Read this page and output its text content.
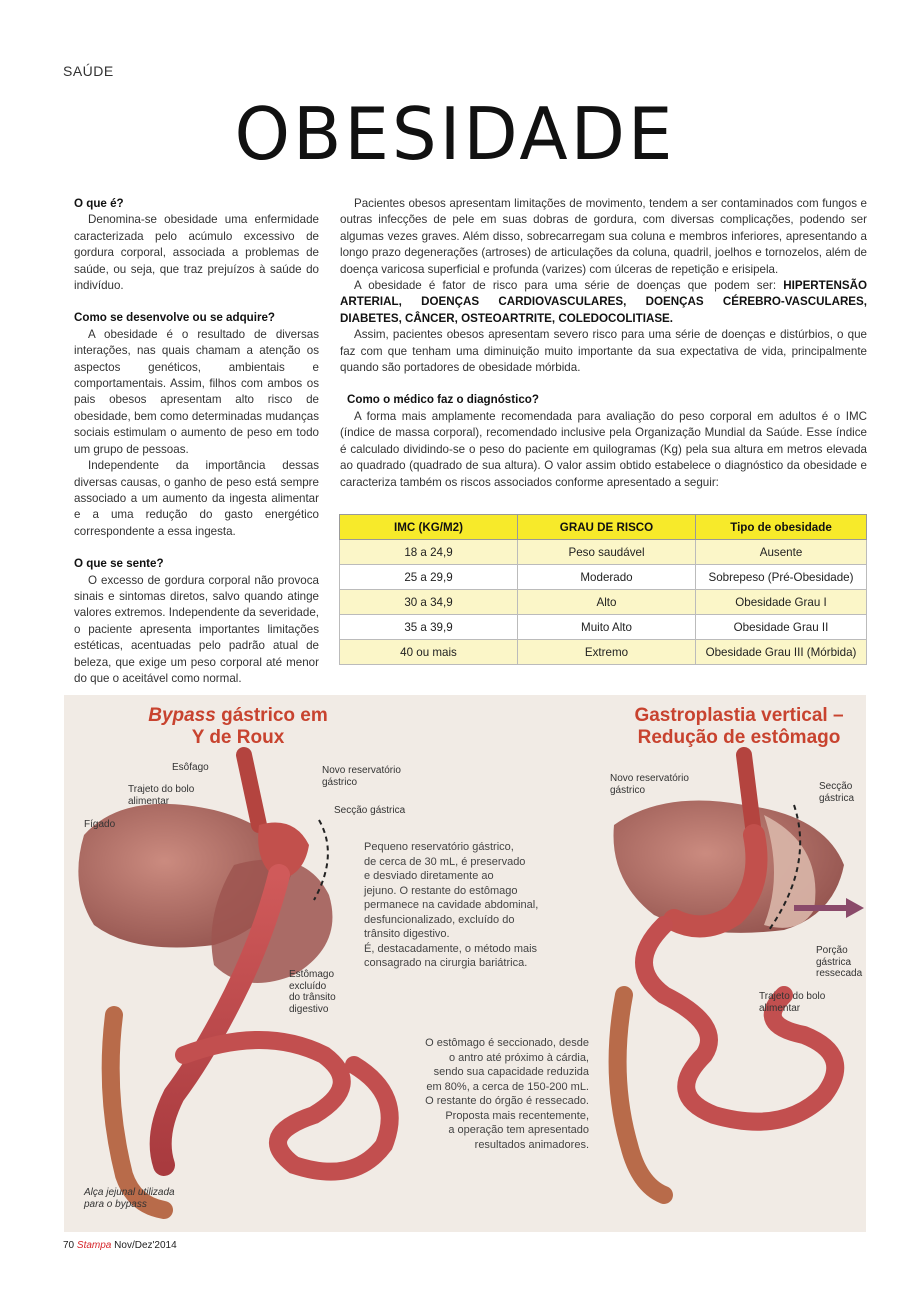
SAÚDE
OBESIDADE
O que é?

Denomina-se obesidade uma enfermidade caracterizada pelo acúmulo excessivo de gordura corporal, associada a problemas de saúde, ou seja, que traz prejuízos à saúde do indivíduo.

Como se desenvolve ou se adquire?

A obesidade é o resultado de diversas interações, nas quais chamam a atenção os aspectos genéticos, ambientais e comportamentais. Assim, filhos com ambos os pais obesos apresentam alto risco de obesidade, bem como determinadas mudanças sociais estimulam o aumento de peso em todo um grupo de pessoas.

Independente da importância dessas diversas causas, o ganho de peso está sempre associado a um aumento da ingesta alimentar e a uma redução do gasto energético correspondente a essa ingesta.

O que se sente?

O excesso de gordura corporal não provoca sinais e sintomas diretos, salvo quando atinge valores extremos. Independente da severidade, o paciente apresenta importantes limitações estéticas, acentuadas pelo padrão atual de beleza, que exige um peso corporal até menor do que o aceitável como normal.

Pacientes obesos apresentam limitações de movimento, tendem a ser contaminados com fungos e outras infecções de pele em suas dobras de gordura, com diversas complicações, podendo ser algumas vezes graves. Além disso, sobrecarregam sua coluna e membros inferiores, apresentando a longo prazo degenerações (artroses) de articulações da coluna, quadril, joelhos e tornozelos, além de doença varicosa superficial e profunda (varizes) com úlceras de repetição e erisipela.

A obesidade é fator de risco para uma série de doenças que podem ser: HIPERTENSÃO ARTERIAL, DOENÇAS CARDIOVASCULARES, DOENÇAS CÉREBRO-VASCULARES, DIABETES, CÂNCER, OSTEOARTRITE, COLEDOCOLITIASE.

Assim, pacientes obesos apresentam severo risco para uma série de doenças e distúrbios, o que faz com que tenham uma diminuição muito importante da sua expectativa de vida, principalmente quando são portadores de obesidade mórbida.

Como o médico faz o diagnóstico?

A forma mais amplamente recomendada para avaliação do peso corporal em adultos é o IMC (índice de massa corporal), recomendado inclusive pela Organização Mundial da Saúde. Esse índice é calculado dividindo-se o peso do paciente em quilogramas (Kg) pela sua altura em metros elevada ao quadrado (quadrado de sua altura). O valor assim obtido estabelece o diagnóstico da obesidade e caracteriza também os riscos associados conforme apresentado a seguir:

IMC (KG/M2)	GRAU DE RISCO	Tipo de obesidade
18 a 24,9	Peso saudável	Ausente
25 a 29,9	Moderado	Sobrepeso (Pré-Obesidade)
30 a 34,9	Alto	Obesidade Grau I
35 a 39,9	Muito Alto	Obesidade Grau II
40 ou mais	Extremo	Obesidade Grau III (Mórbida)
Bypass gástrico em
Y de Roux
Gastroplastia vertical –
Redução de estômago
Esôfago
Trajeto do bolo
alimentar
Fígado
Novo reservatório
gástrico
Secção gástrica
Estômago
excluído
do trânsito
digestivo
Alça jejunal utilizada
para o bypass
Novo reservatório
gástrico	Secção
gástrica
Porção
gástrica
ressecada
Trajeto do bolo
alimentar
Pequeno reservatório gástrico,
de cerca de 30 mL, é preservado
e desviado diretamente ao
jejuno. O restante do estômago
permanece na cavidade abdominal,
desfuncionalizado, excluído do
trânsito digestivo.
É, destacadamente, o método mais
consagrado na cirurgia bariátrica.
O estômago é seccionado, desde
o antro até próximo à cárdia,
sendo sua capacidade reduzida
em 80%, a cerca de 150-200 mL.
O restante do órgão é ressecado.
Proposta mais recentemente,
a operação tem apresentado
resultados animadores.
70 Stampa Nov/Dez'2014
